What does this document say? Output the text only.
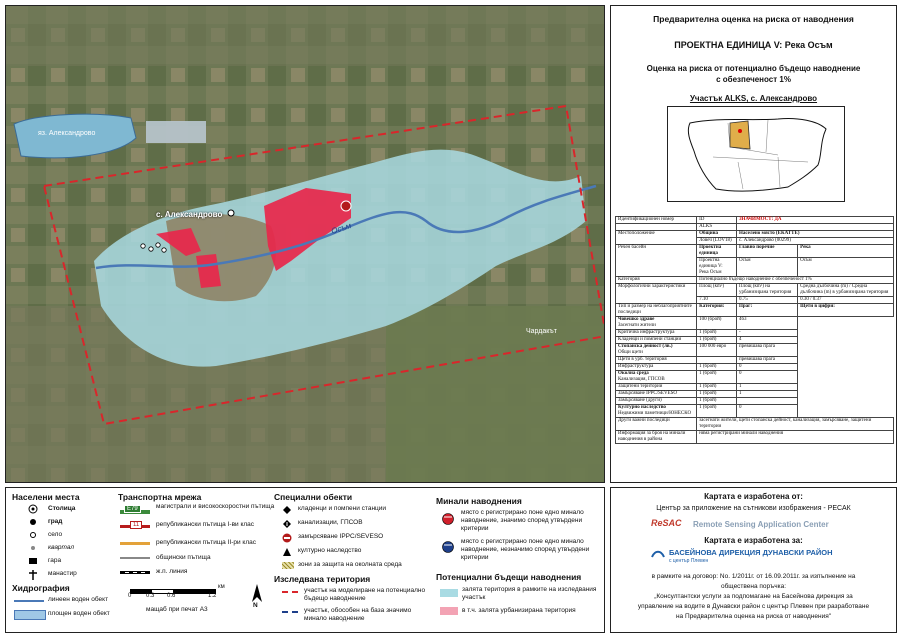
яз. Александрово
с. Александрово
Осъм
Чардакът
Предварителна оценка на риска от наводнения
ПРОЕКТНА ЕДИНИЦА V: Река Осъм
Оценка на риска от потенциално бъдещо наводнение
с обезпеченост 1%
Участък ALKS, с. Александрово
Идентификационен номер	ID	ЗНАЧИМОСТ: ДА	
	ALKS		
Местоположение	Община	Населено място (ЕКАТТЕ)	
	Ловеч (LOV18)	с. Александрово (00299)	
Речен басейн	Проектна единица	Главно поречие	Река
	Проектна единица V:
Река Осъм	Осъм	Осъм
Категория	Потенциално бъдещо наводнение с обезпеченост 1%		
Морфологични характеристики	Площ (km²)	Площ (km²) на урбанизирана територия	Средна дълбочина (m) / Средна дълбочина (m) в урбанизирана територия
	7.10	0.75	0.30 / 0.37
Тип и размер на неблагоприятните последици	Категория:	Праг:	Щети в цифри:

Човешко здраве
Засегнати жители	100 (брой)	463	
Критична инфраструктура	1 (брой)	-	
Кладенци и помпени станции	1 (брой)	4	

Стопанска дейност (лв.)
Общи щети	100 000 евро	превишава прага	
Щети в урб. територия		превишава прага	
Инфраструктура	1 (брой)	0	

Околна среда
Канализация, ГПСОВ	1 (брой)	0	
Защитени територии	1 (брой)	1	
Замърсяване IPPC/SEVESO	1 (брой)	1	
Замърсяване (други)	1 (брой)		

Културно наследство
Недвижими паметници/ЮНЕСКО	1 (брой)	0	
Други важни последици	засегнати жители, щети стопанска дейност, канализация, замърсяване, защитени територии		
Информация за броя на минали наводнения в района	няма регистрирани минали наводнения		
Населени места
Столица
град
село
квартал
гара
манастир
Хидрография
линеен воден обект
площен воден обект
Транспортна мрежа
E79	магистрали и високоскоростни пътища
11	републикански пътища I-ви клас
републикански пътища II-ри клас
общински пътища
ж.п. линия
0 0.3 0.6	1.2
км
мащаб при печат А3
N
Специални обекти
кладенци и помпени станции
канализации, ГПСОВ
замърсяване IPPC/SEVESO
културно наследство
зони за защита на околната среда
Изследвана територия
участък на моделиране на потенциално бъдещо наводнение
участък, обособен на база значимо минало наводнение
Минали наводнения
място с регистрирано поне едно минало наводнение, значимо според утвърдени критерии
място с регистрирано поне едно минало наводнение, незначимо според утвърдени критерии
Потенциални бъдещи наводнения
залята територия в рамките на изследвания участък
в т.ч. залята урбанизирана територия
Картата е изработена от:
Център за приложение на сътникови изображения - РЕСАК
ReSAC Remote Sensing Application Center
Картата е изработена за:
БАСЕЙНОВА ДИРЕКЦИЯ ДУНАВСКИ РАЙОН
с център Плевен
в рамките на договор: No. 1/2011г. от 16.09.2011г. за изпълнение на
обществена поръчка:
„Консултантски услуги за подпомагане на Басейнова дирекция за
управление на водите в Дунавски район с център Плевен при разработване
на Предварителна оценка на риска от наводнения"
